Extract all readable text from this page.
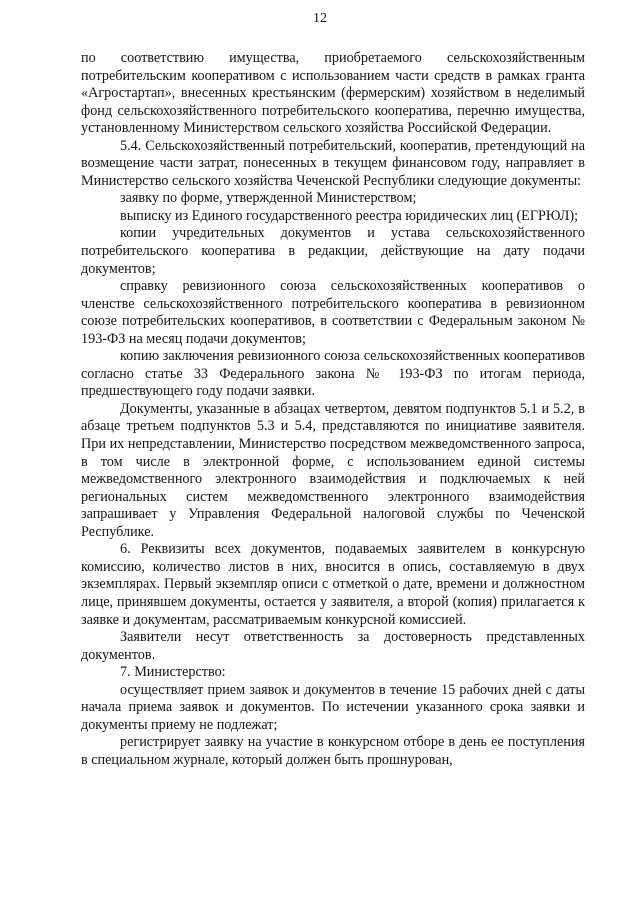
12

по соответствию имущества, приобретаемого сельскохозяйственным потребительским кооперативом с использованием части средств в рамках гранта «Агростартап», внесенных крестьянским (фермерским) хозяйством в неделимый фонд сельскохозяйственного потребительского кооператива, перечню имущества, установленному Министерством сельского хозяйства Российской Федерации.

5.4. Сельскохозяйственный потребительский, кооператив, претендующий на возмещение части затрат, понесенных в текущем финансовом году, направляет в Министерство сельского хозяйства Чеченской Республики следующие документы:

заявку по форме, утвержденной Министерством;

выписку из Единого государственного реестра юридических лиц (ЕГРЮЛ);

копии учредительных документов и устава сельскохозяйственного потребительского кооператива в редакции, действующие на дату подачи документов;

справку ревизионного союза сельскохозяйственных кооперативов о членстве сельскохозяйственного потребительского кооператива в ревизионном союзе потребительских кооперативов, в соответствии с Федеральным законом № 193-ФЗ на месяц подачи документов;

копию заключения ревизионного союза сельскохозяйственных кооперативов согласно статье 33 Федерального закона № 193-ФЗ по итогам периода, предшествующего году подачи заявки.

Документы, указанные в абзацах четвертом, девятом подпунктов 5.1 и 5.2, в абзаце третьем подпунктов 5.3 и 5.4, представляются по инициативе заявителя. При их непредставлении, Министерство посредством межведомственного запроса, в том числе в электронной форме, с использованием единой системы межведомственного электронного взаимодействия и подключаемых к ней региональных систем межведомственного электронного взаимодействия запрашивает у Управления Федеральной налоговой службы по Чеченской Республике.

6. Реквизиты всех документов, подаваемых заявителем в конкурсную комиссию, количество листов в них, вносится в опись, составляемую в двух экземплярах. Первый экземпляр описи с отметкой о дате, времени и должностном лице, принявшем документы, остается у заявителя, а второй (копия) прилагается к заявке и документам, рассматриваемым конкурсной комиссией.

Заявители несут ответственность за достоверность представленных документов.

7. Министерство:

осуществляет прием заявок и документов в течение 15 рабочих дней с даты начала приема заявок и документов. По истечении указанного срока заявки и документы приему не подлежат;

регистрирует заявку на участие в конкурсном отборе в день ее поступления в специальном журнале, который должен быть прошнурован,
